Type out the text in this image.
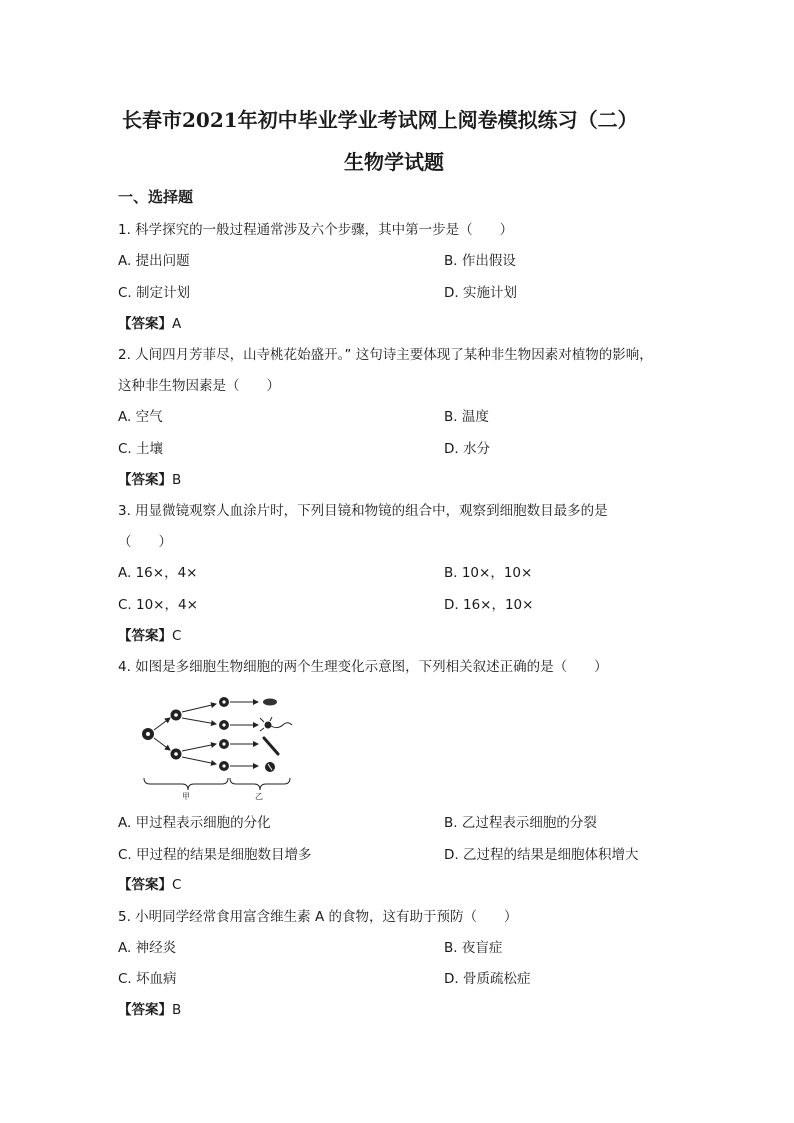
长春市2021年初中毕业学业考试网上阅卷模拟练习（二）
生物学试题
一、选择题
1. 科学探究的一般过程通常涉及六个步骤，其中第一步是（　　）
A. 提出问题	B. 作出假设
C. 制定计划	D. 实施计划
【答案】A
2. 人间四月芳菲尽，山寺桃花始盛开。” 这句诗主要体现了某种非生物因素对植物的影响，
这种非生物因素是（　　）
A. 空气	B. 温度
C. 土壤	D. 水分
【答案】B
3. 用显微镜观察人血涂片时，下列目镜和物镜的组合中，观察到细胞数目最多的是
（　　）
A. 16×，4×	B. 10×，10×
C. 10×，4×	D. 16×，10×
【答案】C
4. 如图是多细胞生物细胞的两个生理变化示意图，下列相关叙述正确的是（　　）
甲	乙
A. 甲过程表示细胞的分化	B. 乙过程表示细胞的分裂
C. 甲过程的结果是细胞数目增多	D. 乙过程的结果是细胞体积增大
【答案】C
5. 小明同学经常食用富含维生素 A 的食物，这有助于预防（　　）
A. 神经炎	B. 夜盲症
C. 坏血病	D. 骨质疏松症
【答案】B
